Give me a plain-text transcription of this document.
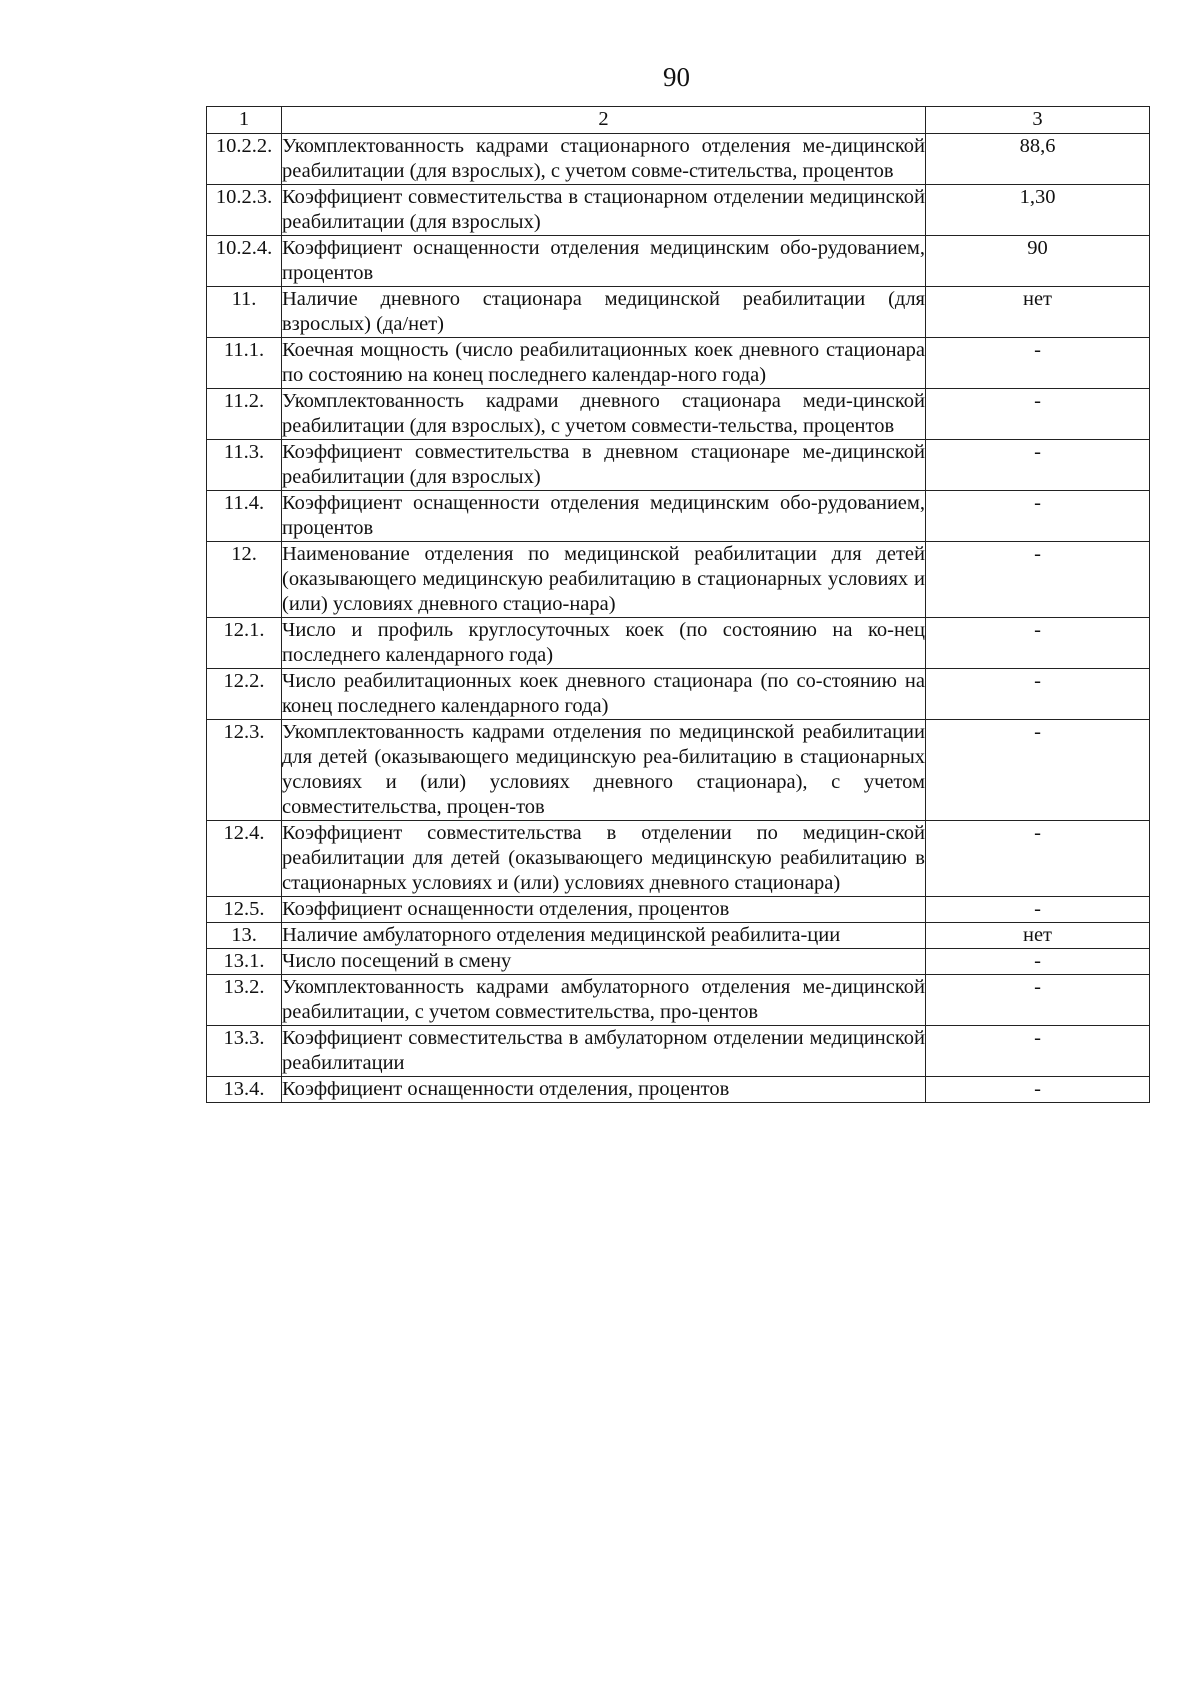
90
1	2	3
10.2.2.	Укомплектованность кадрами стационарного отделения ме-дицинской реабилитации (для взрослых), с учетом совме-стительства, процентов	88,6
10.2.3.	Коэффициент совместительства в стационарном отделении медицинской реабилитации (для взрослых)	1,30
10.2.4.	Коэффициент оснащенности отделения медицинским обо-рудованием, процентов	90
11.	Наличие дневного стационара медицинской реабилитации (для взрослых) (да/нет)	нет
11.1.	Коечная мощность (число реабилитационных коек дневного стационара по состоянию на конец последнего календар-ного года)	-
11.2.	Укомплектованность кадрами дневного стационара меди-цинской реабилитации (для взрослых), с учетом совмести-тельства, процентов	-
11.3.	Коэффициент совместительства в дневном стационаре ме-дицинской реабилитации (для взрослых)	-
11.4.	Коэффициент оснащенности отделения медицинским обо-рудованием, процентов	-
12.	Наименование отделения по медицинской реабилитации для детей (оказывающего медицинскую реабилитацию в стационарных условиях и (или) условиях дневного стацио-нара)	-
12.1.	Число и профиль круглосуточных коек (по состоянию на ко-нец последнего календарного года)	-
12.2.	Число реабилитационных коек дневного стационара (по со-стоянию на конец последнего календарного года)	-
12.3.	Укомплектованность кадрами отделения по медицинской реабилитации для детей (оказывающего медицинскую реа-билитацию в стационарных условиях и (или) условиях дневного стационара), с учетом совместительства, процен-тов	-
12.4.	Коэффициент совместительства в отделении по медицин-ской реабилитации для детей (оказывающего медицинскую реабилитацию в стационарных условиях и (или) условиях дневного стационара)	-
12.5.	Коэффициент оснащенности отделения, процентов	-
13.	Наличие амбулаторного отделения медицинской реабилита-ции	нет
13.1.	Число посещений в смену	-
13.2.	Укомплектованность кадрами амбулаторного отделения ме-дицинской реабилитации, с учетом совместительства, про-центов	-
13.3.	Коэффициент совместительства в амбулаторном отделении медицинской реабилитации	-
13.4.	Коэффициент оснащенности отделения, процентов	-
